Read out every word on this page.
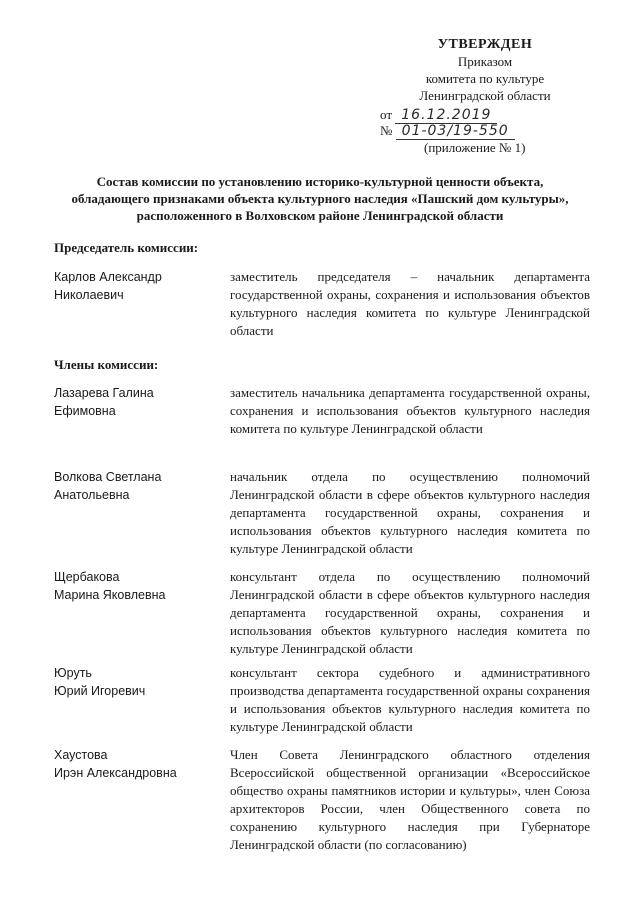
УТВЕРЖДЕН
Приказом
комитета по культуре
Ленинградской области
от 16.12.2019
№ 01-03/19-550
(приложение № 1)
Состав комиссии по установлению историко-культурной ценности объекта, обладающего признаками объекта культурного наследия «Пашский дом культуры», расположенного в Волховском районе Ленинградской области
Председатель комиссии:
Карлов Александр
Николаевич
заместитель председателя – начальник департамента государственной охраны, сохранения и использования объектов культурного наследия комитета по культуре Ленинградской области
Члены комиссии:
Лазарева Галина
Ефимовна
заместитель начальника департамента государственной охраны, сохранения и использования объектов культурного наследия комитета по культуре Ленинградской области
Волкова Светлана
Анатольевна
начальник отдела по осуществлению полномочий Ленинградской области в сфере объектов культурного наследия департамента государственной охраны, сохранения и использования объектов культурного наследия комитета по культуре Ленинградской области
Щербакова
Марина Яковлевна
консультант отдела по осуществлению полномочий Ленинградской области в сфере объектов культурного наследия департамента государственной охраны, сохранения и использования объектов культурного наследия комитета по культуре Ленинградской области
Юруть
Юрий Игоревич
консультант сектора судебного и административного производства департамента государственной охраны сохранения и использования объектов культурного наследия комитета по культуре Ленинградской области
Хаустова
Ирэн Александровна
Член Совета Ленинградского областного отделения Всероссийской общественной организации «Всероссийское общество охраны памятников истории и культуры», член Союза архитекторов России, член Общественного совета по сохранению культурного наследия при Губернаторе Ленинградской области (по согласованию)
